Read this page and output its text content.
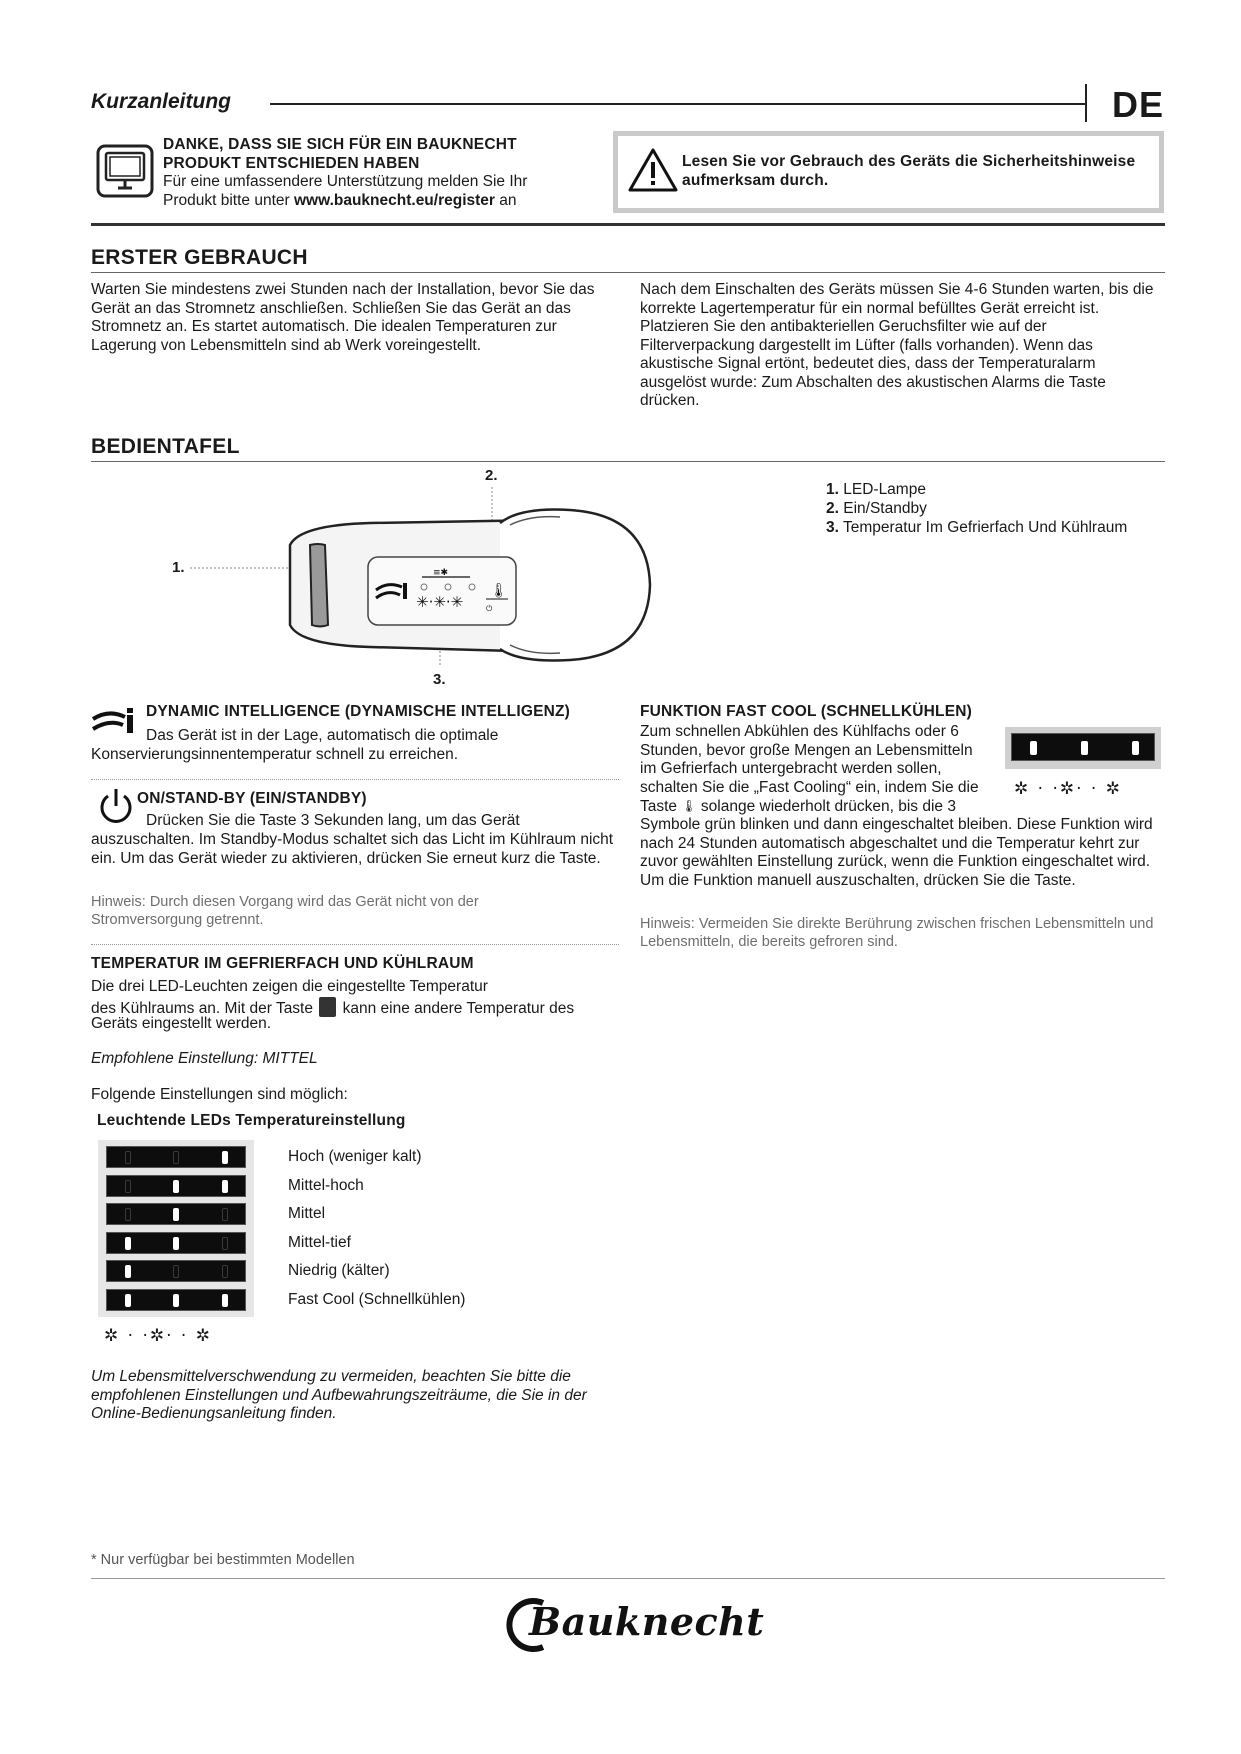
Kurzanleitung	DE
DANKE, DASS SIE SICH FÜR EIN BAUKNECHT
PRODUKT ENTSCHIEDEN HABEN
Für eine umfassendere Unterstützung melden Sie Ihr
Produkt bitte unter www.bauknecht.eu/register an
Lesen Sie vor Gebrauch des Geräts die Sicherheitshinweise
aufmerksam durch.
ERSTER GEBRAUCH
Warten Sie mindestens zwei Stunden nach der Installation, bevor Sie das Gerät an das Stromnetz anschließen. Schließen Sie das Gerät an das Stromnetz an. Es startet automatisch. Die idealen Temperaturen zur Lagerung von Lebensmitteln sind ab Werk voreingestellt.
Nach dem Einschalten des Geräts müssen Sie 4-6 Stunden warten, bis die korrekte Lagertemperatur für ein normal befülltes Gerät erreicht ist. Platzieren Sie den antibakteriellen Geruchsfilter wie auf der Filterverpackung dargestellt im Lüfter (falls vorhanden). Wenn das akustische Signal ertönt, bedeutet dies, dass der Temperaturalarm ausgelöst wurde: Zum Abschalten des akustischen Alarms die Taste drücken.
BEDIENTAFEL
≡✱
✳·✳·✳
🌡
⏻
1.
2.
3.
1. LED-Lampe
2. Ein/Standby
3. Temperatur Im Gefrierfach Und Kühlraum
DYNAMIC INTELLIGENCE (DYNAMISCHE INTELLIGENZ)
Das Gerät ist in der Lage, automatisch die optimale
Konservierungsinnentemperatur schnell zu erreichen.
ON/STAND-BY (EIN/STANDBY)
Drücken Sie die Taste 3 Sekunden lang, um das Gerät
auszuschalten. Im Standby-Modus schaltet sich das Licht im Kühlraum nicht ein. Um das Gerät wieder zu aktivieren, drücken Sie erneut kurz die Taste.
Hinweis: Durch diesen Vorgang wird das Gerät nicht von der Stromversorgung getrennt.
TEMPERATUR IM GEFRIERFACH UND KÜHLRAUM
Die drei LED-Leuchten zeigen die eingestellte Temperatur
des Kühlraums an. Mit der Taste kann eine andere Temperatur des
Geräts eingestellt werden.
Empfohlene Einstellung: MITTEL
Folgende Einstellungen sind möglich:
Leuchtende LEDs Temperatureinstellung
Hoch (weniger kalt)
Mittel-hoch
Mittel
Mittel-tief
Niedrig (kälter)
Fast Cool (Schnellkühlen)
✲ · ·✲· · ✲
Um Lebensmittelverschwendung zu vermeiden, beachten Sie bitte die empfohlenen Einstellungen und Aufbewahrungszeiträume, die Sie in der Online-Bedienungsanleitung finden.
FUNKTION FAST COOL (SCHNELLKÜHLEN)
Zum schnellen Abkühlen des Kühlfachs oder 6
Stunden, bevor große Mengen an Lebensmitteln
im Gefrierfach untergebracht werden sollen,
schalten Sie die „Fast Cooling“ ein, indem Sie die
Taste 🌡 solange wiederholt drücken, bis die 3
Symbole grün blinken und dann eingeschaltet bleiben. Diese Funktion wird nach 24 Stunden automatisch abgeschaltet und die Temperatur kehrt zur zuvor gewählten Einstellung zurück, wenn die Funktion eingeschaltet wird. Um die Funktion manuell auszuschalten, drücken Sie die Taste.
Hinweis: Vermeiden Sie direkte Berührung zwischen frischen Lebensmitteln und Lebensmitteln, die bereits gefroren sind.
✲ · ·✲· · ✲
* Nur verfügbar bei bestimmten Modellen
Bauknecht
